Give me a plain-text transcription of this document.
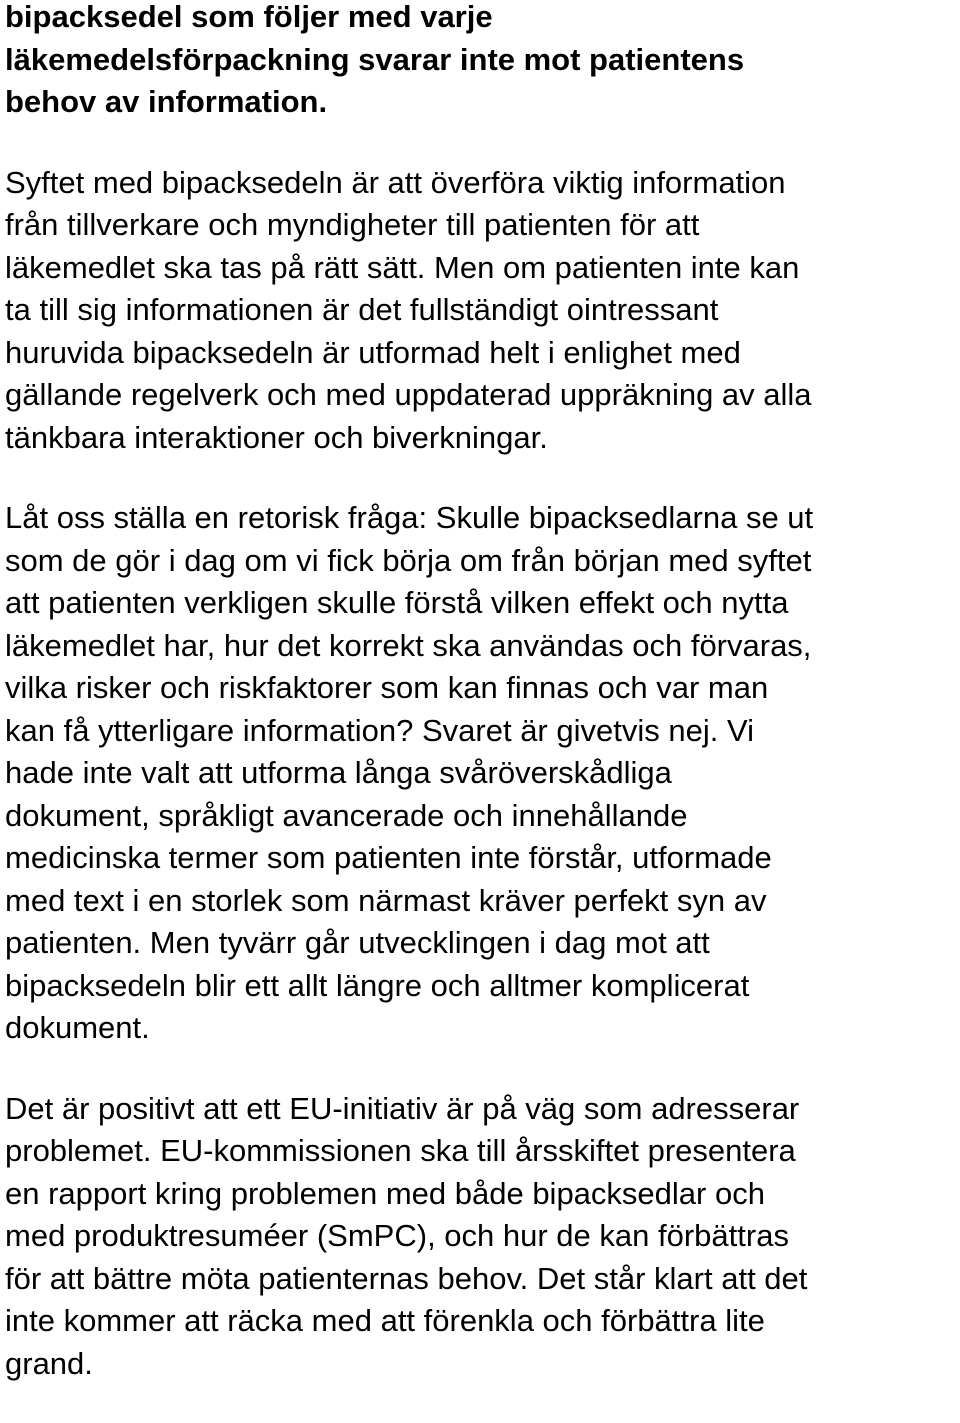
bipacksedel som följer med varje
läkemedelsförpackning svarar inte mot patientens
behov av information.

Syftet med bipacksedeln är att överföra viktig information
från tillverkare och myndigheter till patienten för att
läkemedlet ska tas på rätt sätt. Men om patienten inte kan
ta till sig informationen är det fullständigt ointressant
huruvida bipacksedeln är utformad helt i enlighet med
gällande regelverk och med uppdaterad uppräkning av alla
tänkbara interaktioner och biverkningar.

Låt oss ställa en retorisk fråga: Skulle bipacksedlarna se ut
som de gör i dag om vi fick börja om från början med syftet
att patienten verkligen skulle förstå vilken effekt och nytta
läkemedlet har, hur det korrekt ska användas och förvaras,
vilka risker och riskfaktorer som kan finnas och var man
kan få ytterligare information? Svaret är givetvis nej. Vi
hade inte valt att utforma långa svåröverskådliga
dokument, språkligt avancerade och innehållande
medicinska termer som patienten inte förstår, utformade
med text i en storlek som närmast kräver perfekt syn av
patienten. Men tyvärr går utvecklingen i dag mot att
bipacksedeln blir ett allt längre och alltmer komplicerat
dokument.

Det är positivt att ett EU-initiativ är på väg som adresserar
problemet. EU-kommissionen ska till årsskiftet presentera
en rapport kring problemen med både bipacksedlar och
med produktresuméer (SmPC), och hur de kan förbättras
för att bättre möta patienternas behov. Det står klart att det
inte kommer att räcka med att förenkla och förbättra lite
grand.
